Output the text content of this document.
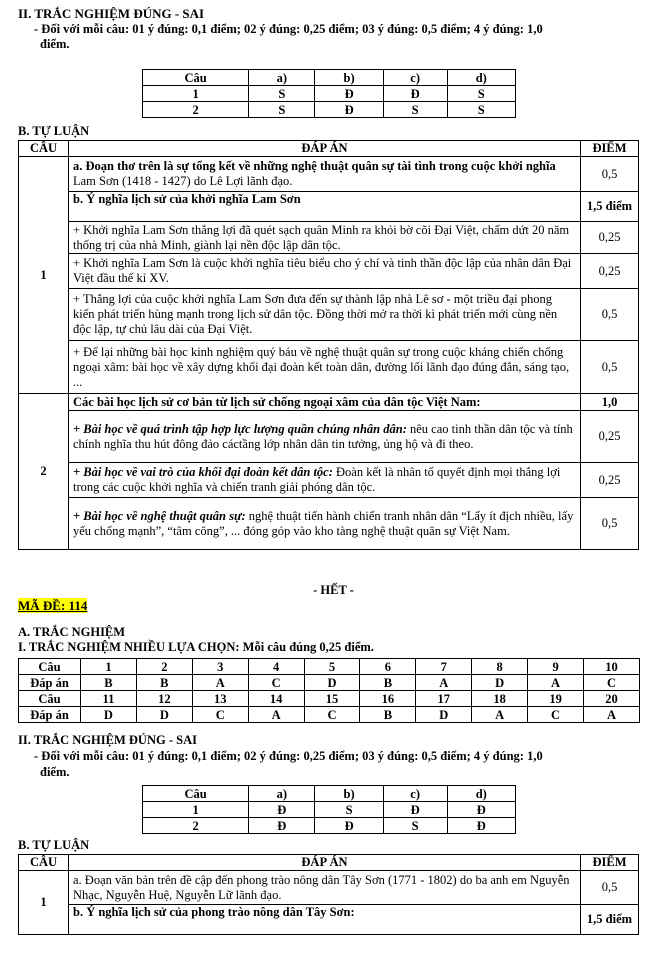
II. TRẮC NGHIỆM ĐÚNG - SAI
- Đối với mỗi câu: 01 ý đúng: 0,1 điểm; 02 ý đúng: 0,25 điểm; 03 ý đúng: 0,5 điểm; 4 ý đúng: 1,0
điểm.
Câu	a)	b)	c)	d)
1	S	Đ	Đ	S
2	S	Đ	S	S
B. TỰ LUẬN
CÂU	ĐÁP ÁN	ĐIỂM
1	a. Đoạn thơ trên là sự tổng kết về những nghệ thuật quân sự tài tình trong cuộc khởi nghĩa Lam Sơn (1418 - 1427) do Lê Lợi lãnh đạo.	0,5
	b. Ý nghĩa lịch sử của khởi nghĩa Lam Sơn	1,5 điểm
	+ Khởi nghĩa Lam Sơn thắng lợi đã quét sạch quân Minh ra khỏi bờ cõi Đại Việt, chấm dứt 20 năm thống trị của nhà Minh, giành lại nền độc lập dân tộc.	0,25
	+ Khởi nghĩa Lam Sơn là cuộc khởi nghĩa tiêu biểu cho ý chí và tinh thần độc lập của nhân dân Đại Việt đầu thế kỉ XV.	0,25
	+ Thắng lợi của cuộc khởi nghĩa Lam Sơn đưa đến sự thành lập nhà Lê sơ - một triều đại phong kiến phát triển hùng mạnh trong lịch sử dân tộc. Đồng thời mở ra thời kì phát triển mới cùng nền độc lập, tự chủ lâu dài của Đại Việt.	0,5
	+ Để lại những bài học kinh nghiệm quý báu về nghệ thuật quân sự trong cuộc kháng chiến chống ngoại xâm: bài học về xây dựng khối đại đoàn kết toàn dân, đường lối lãnh đạo đúng đắn, sáng tạo, ...	0,5
2	Các bài học lịch sử cơ bản từ lịch sử chống ngoại xâm của dân tộc Việt Nam:	1,0
	+ Bài học về quá trình tập hợp lực lượng quần chúng nhân dân: nêu cao tinh thần dân tộc và tính chính nghĩa thu hút đông đảo cáctầng lớp nhân dân tin tưởng, ủng hộ và đi theo.	0,25
	+ Bài học về vai trò của khối đại đoàn kết dân tộc: Đoàn kết là nhân tố quyết định mọi thắng lợi trong các cuộc khởi nghĩa và chiến tranh giải phóng dân tộc.	0,25
	+ Bài học về nghệ thuật quân sự: nghệ thuật tiến hành chiến tranh nhân dân “Lấy ít địch nhiều, lấy yếu chống mạnh”, “tâm công”, ... đóng góp vào kho tàng nghệ thuật quân sự Việt Nam.	0,5
- HẾT -
MÃ ĐỀ: 114
A. TRẮC NGHIỆM
I. TRẮC NGHIỆM NHIỀU LỰA CHỌN: Mỗi câu đúng 0,25 điểm.
Câu	1	2	3	4	5	6	7	8	9	10
Đáp án	B	B	A	C	D	B	A	D	A	C
Câu	11	12	13	14	15	16	17	18	19	20
Đáp án	D	D	C	A	C	B	D	A	C	A
II. TRẮC NGHIỆM ĐÚNG - SAI
- Đối với mỗi câu: 01 ý đúng: 0,1 điểm; 02 ý đúng: 0,25 điểm; 03 ý đúng: 0,5 điểm; 4 ý đúng: 1,0
điểm.
Câu	a)	b)	c)	d)
1	Đ	S	Đ	Đ
2	Đ	Đ	S	Đ
B. TỰ LUẬN
CÂU	ĐÁP ÁN	ĐIỂM
1	a. Đoạn văn bản trên đề cập đến phong trào nông dân Tây Sơn (1771 - 1802) do ba anh em Nguyễn Nhạc, Nguyễn Huệ, Nguyễn Lữ lãnh đạo.	0,5
	b. Ý nghĩa lịch sử của phong trào nông dân Tây Sơn:	1,5 điểm
